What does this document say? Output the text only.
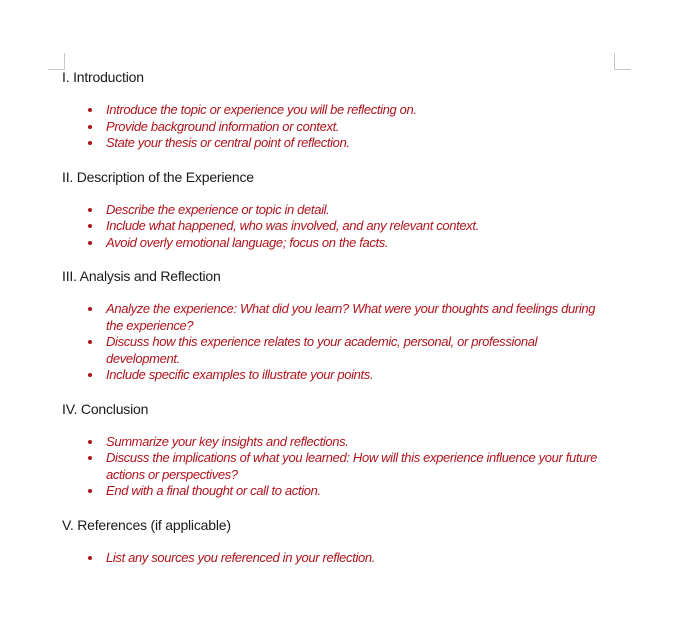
I. Introduction
Introduce the topic or experience you will be reflecting on.
Provide background information or context.
State your thesis or central point of reflection.
II. Description of the Experience
Describe the experience or topic in detail.
Include what happened, who was involved, and any relevant context.
Avoid overly emotional language; focus on the facts.
III. Analysis and Reflection
Analyze the experience: What did you learn? What were your thoughts and feelings during the experience?
Discuss how this experience relates to your academic, personal, or professional development.
Include specific examples to illustrate your points.
IV. Conclusion
Summarize your key insights and reflections.
Discuss the implications of what you learned: How will this experience influence your future actions or perspectives?
End with a final thought or call to action.
V. References (if applicable)
List any sources you referenced in your reflection.
